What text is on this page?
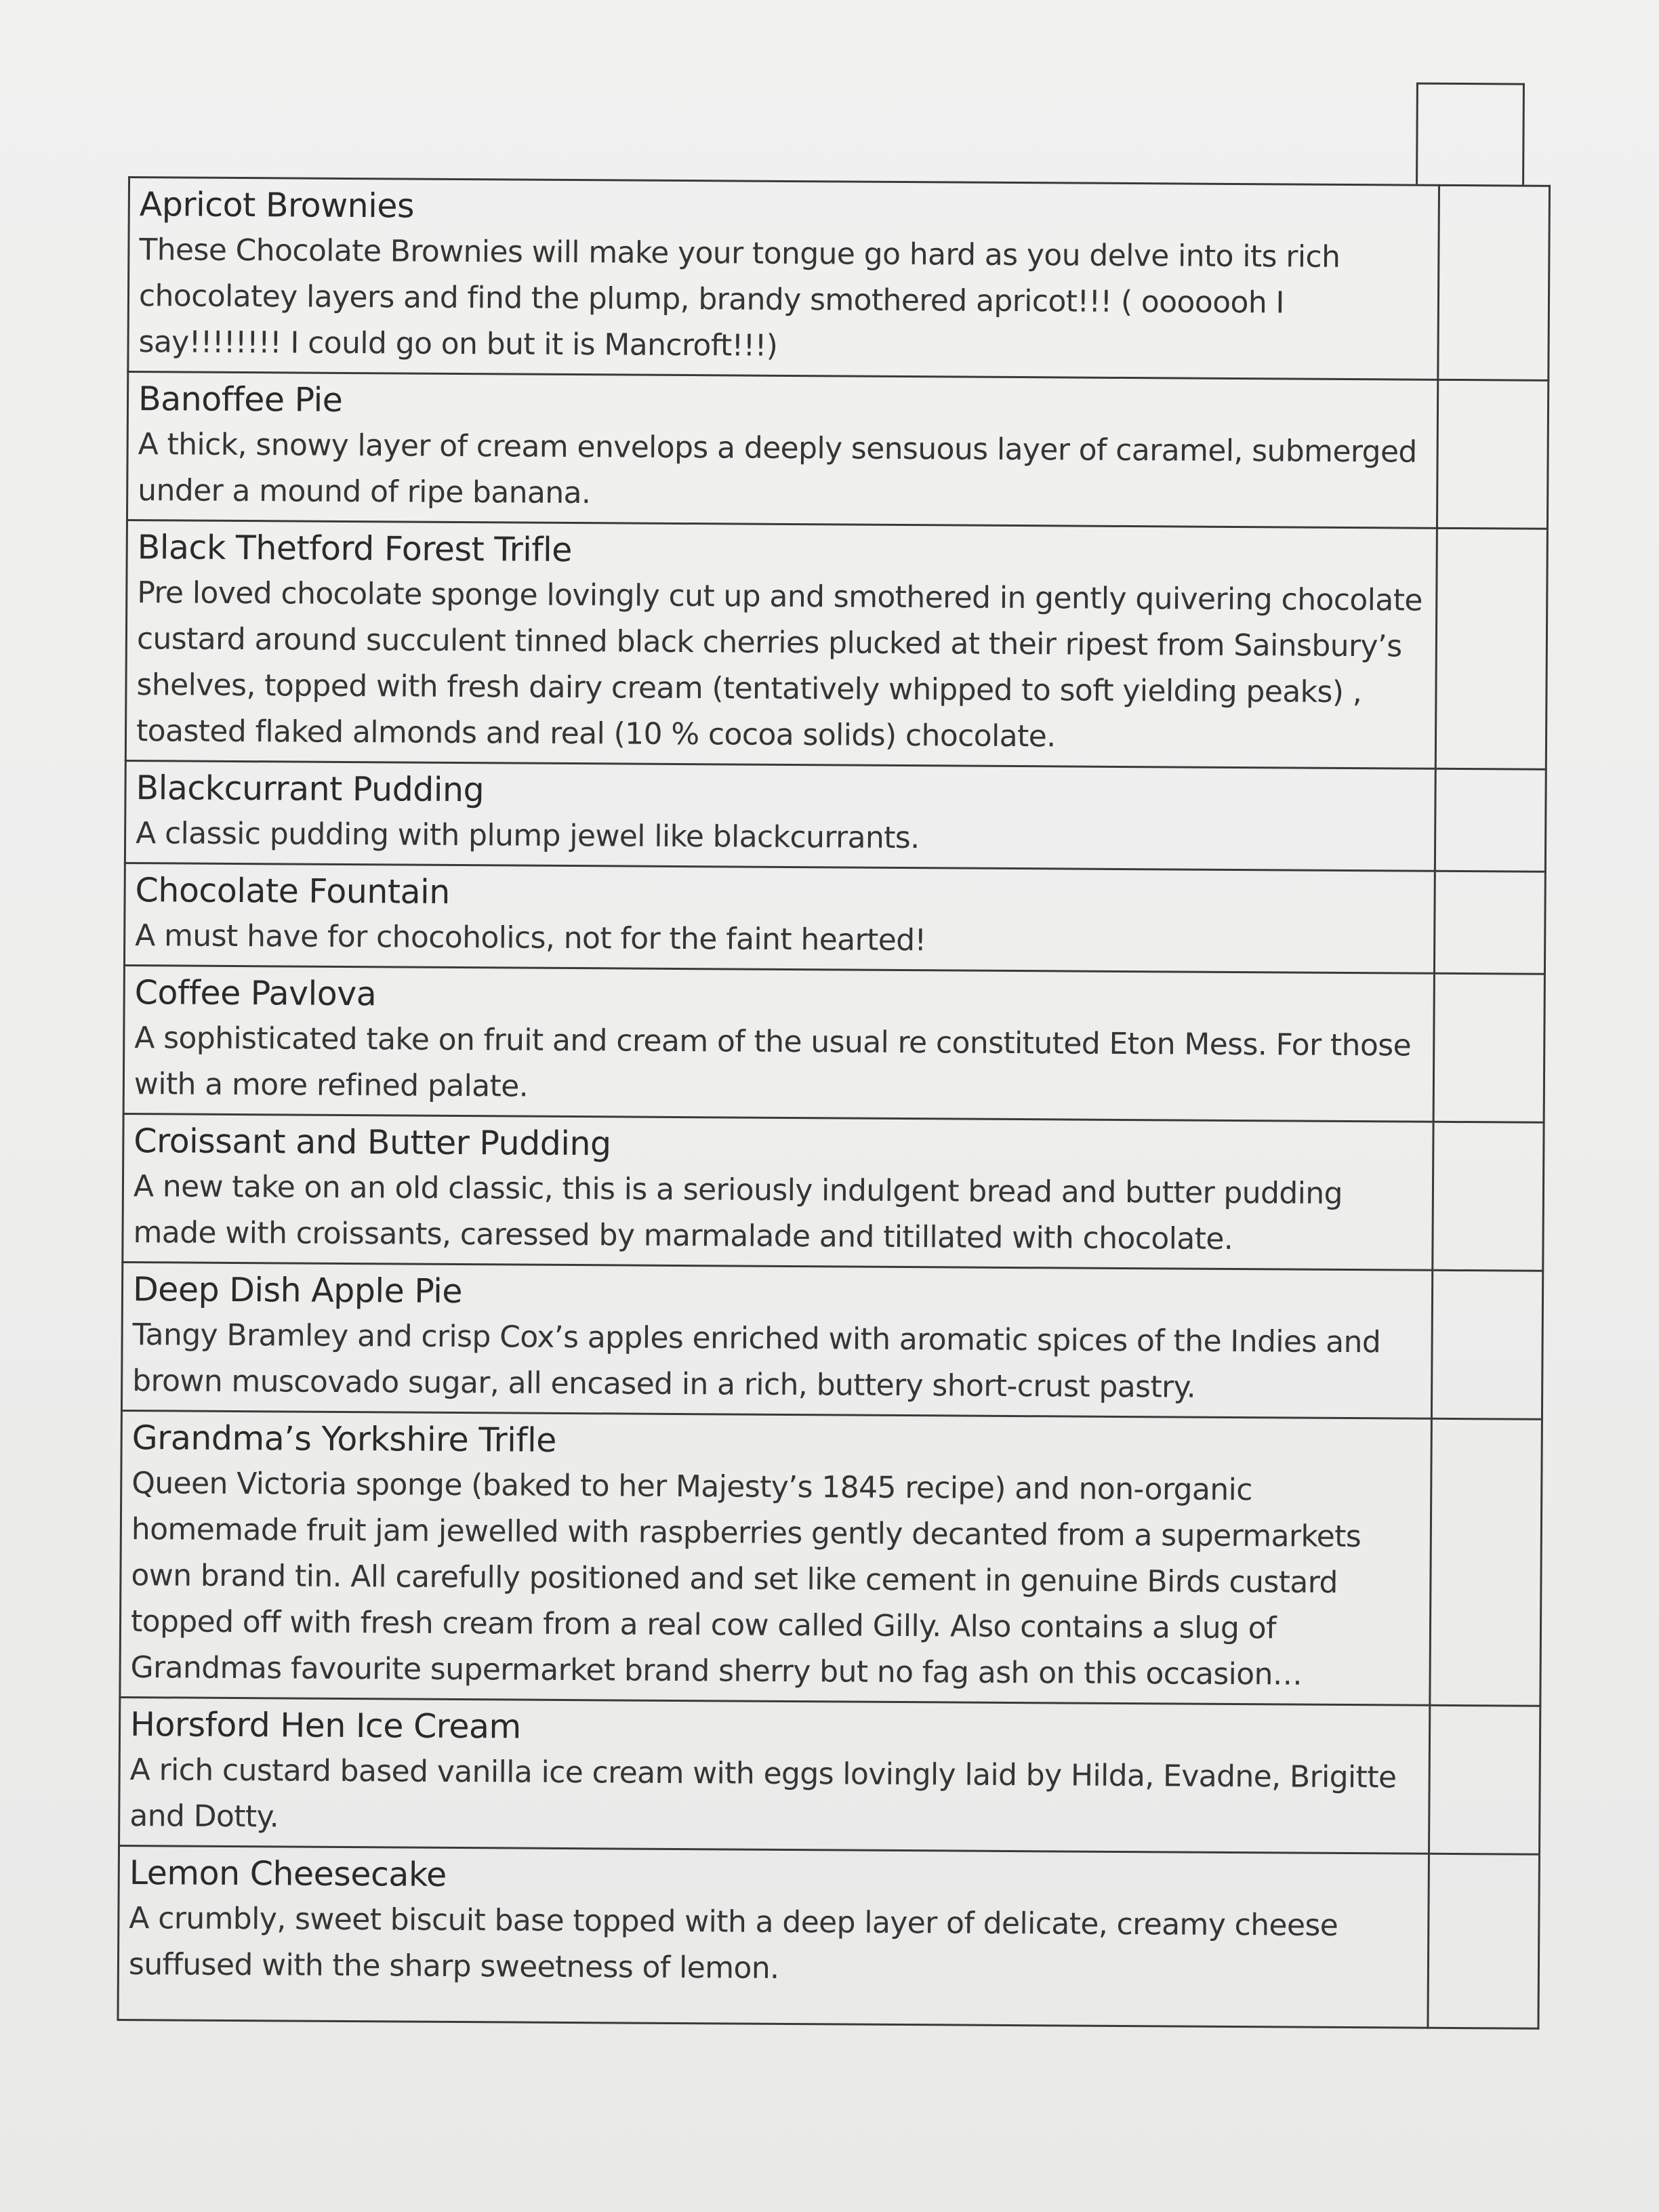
Apricot Brownies
These Chocolate Brownies will make your tongue go hard as you delve into its rich chocolatey layers and find the plump, brandy smothered apricot!!! ( ooooooh I say!!!!!!!! I could go on but it is Mancroft!!!)	

Banoffee Pie
A thick, snowy layer of cream envelops a deeply sensuous layer of caramel, submerged under a mound of ripe banana.	

Black Thetford Forest Trifle
Pre loved chocolate sponge lovingly cut up and smothered in gently quivering chocolate custard around succulent tinned black cherries plucked at their ripest from Sainsbury’s shelves, topped with fresh dairy cream (tentatively whipped to soft yielding peaks) , toasted flaked almonds and real (10 % cocoa solids) chocolate.	

Blackcurrant Pudding
A classic pudding with plump jewel like blackcurrants.	

Chocolate Fountain
A must have for chocoholics, not for the faint hearted!	

Coffee Pavlova
A sophisticated take on fruit and cream of the usual re constituted Eton Mess. For those with a more refined palate.	

Croissant and Butter Pudding
A new take on an old classic, this is a seriously indulgent bread and butter pudding made with croissants, caressed by marmalade and titillated with chocolate.	

Deep Dish Apple Pie
Tangy Bramley and crisp Cox’s apples enriched with aromatic spices of the Indies and brown muscovado sugar, all encased in a rich, buttery short-crust pastry.	

Grandma’s Yorkshire Trifle
Queen Victoria sponge (baked to her Majesty’s 1845 recipe) and non-organic homemade fruit jam jewelled with raspberries gently decanted from a supermarkets own brand tin. All carefully positioned and set like cement in genuine Birds custard topped off with fresh cream from a real cow called Gilly. Also contains a slug of Grandmas favourite supermarket brand sherry but no fag ash on this occasion…	

Horsford Hen Ice Cream
A rich custard based vanilla ice cream with eggs lovingly laid by Hilda, Evadne, Brigitte and Dotty.	

Lemon Cheesecake
A crumbly, sweet biscuit base topped with a deep layer of delicate, creamy cheese suffused with the sharp sweetness of lemon.	
